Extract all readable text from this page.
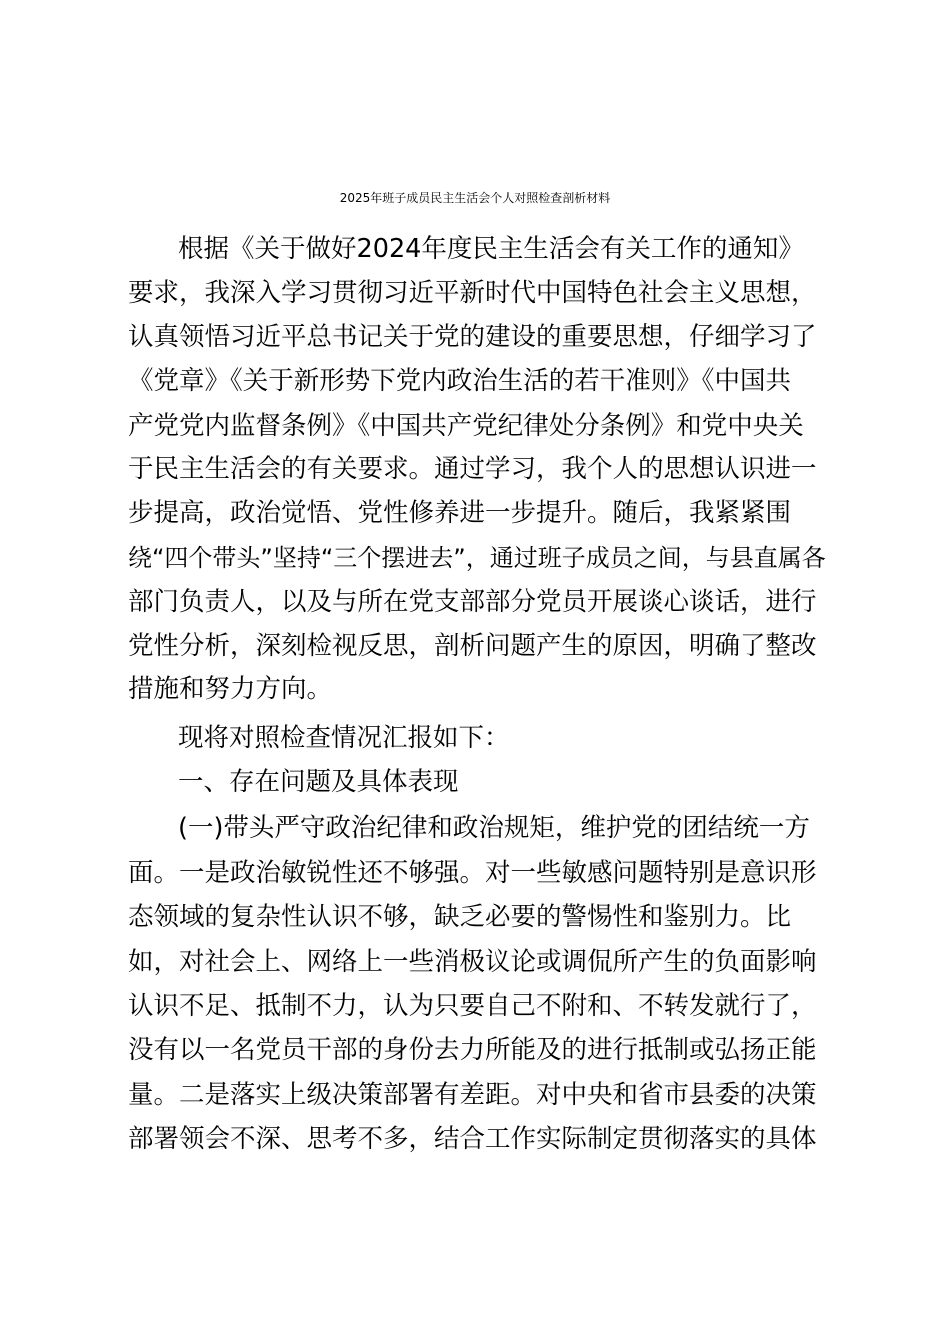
2025年班子成员民主生活会个人对照检查剖析材料
根据《关于做好2024年度民主生活会有关工作的通知》
要求，我深入学习贯彻习近平新时代中国特色社会主义思想，
认真领悟习近平总书记关于党的建设的重要思想，仔细学习了
《党章》《关于新形势下党内政治生活的若干准则》《中国共
产党党内监督条例》《中国共产党纪律处分条例》和党中央关
于民主生活会的有关要求。通过学习，我个人的思想认识进一
步提高，政治觉悟、党性修养进一步提升。随后，我紧紧围
绕“四个带头”坚持“三个摆进去”，通过班子成员之间，与县直属各
部门负责人，以及与所在党支部部分党员开展谈心谈话，进行
党性分析，深刻检视反思，剖析问题产生的原因，明确了整改
措施和努力方向。
现将对照检查情况汇报如下：
一、存在问题及具体表现
(一)带头严守政治纪律和政治规矩，维护党的团结统一方
面。一是政治敏锐性还不够强。对一些敏感问题特别是意识形
态领域的复杂性认识不够，缺乏必要的警惕性和鉴别力。比
如，对社会上、网络上一些消极议论或调侃所产生的负面影响
认识不足、抵制不力，认为只要自己不附和、不转发就行了，
没有以一名党员干部的身份去力所能及的进行抵制或弘扬正能
量。二是落实上级决策部署有差距。对中央和省市县委的决策
部署领会不深、思考不多，结合工作实际制定贯彻落实的具体
